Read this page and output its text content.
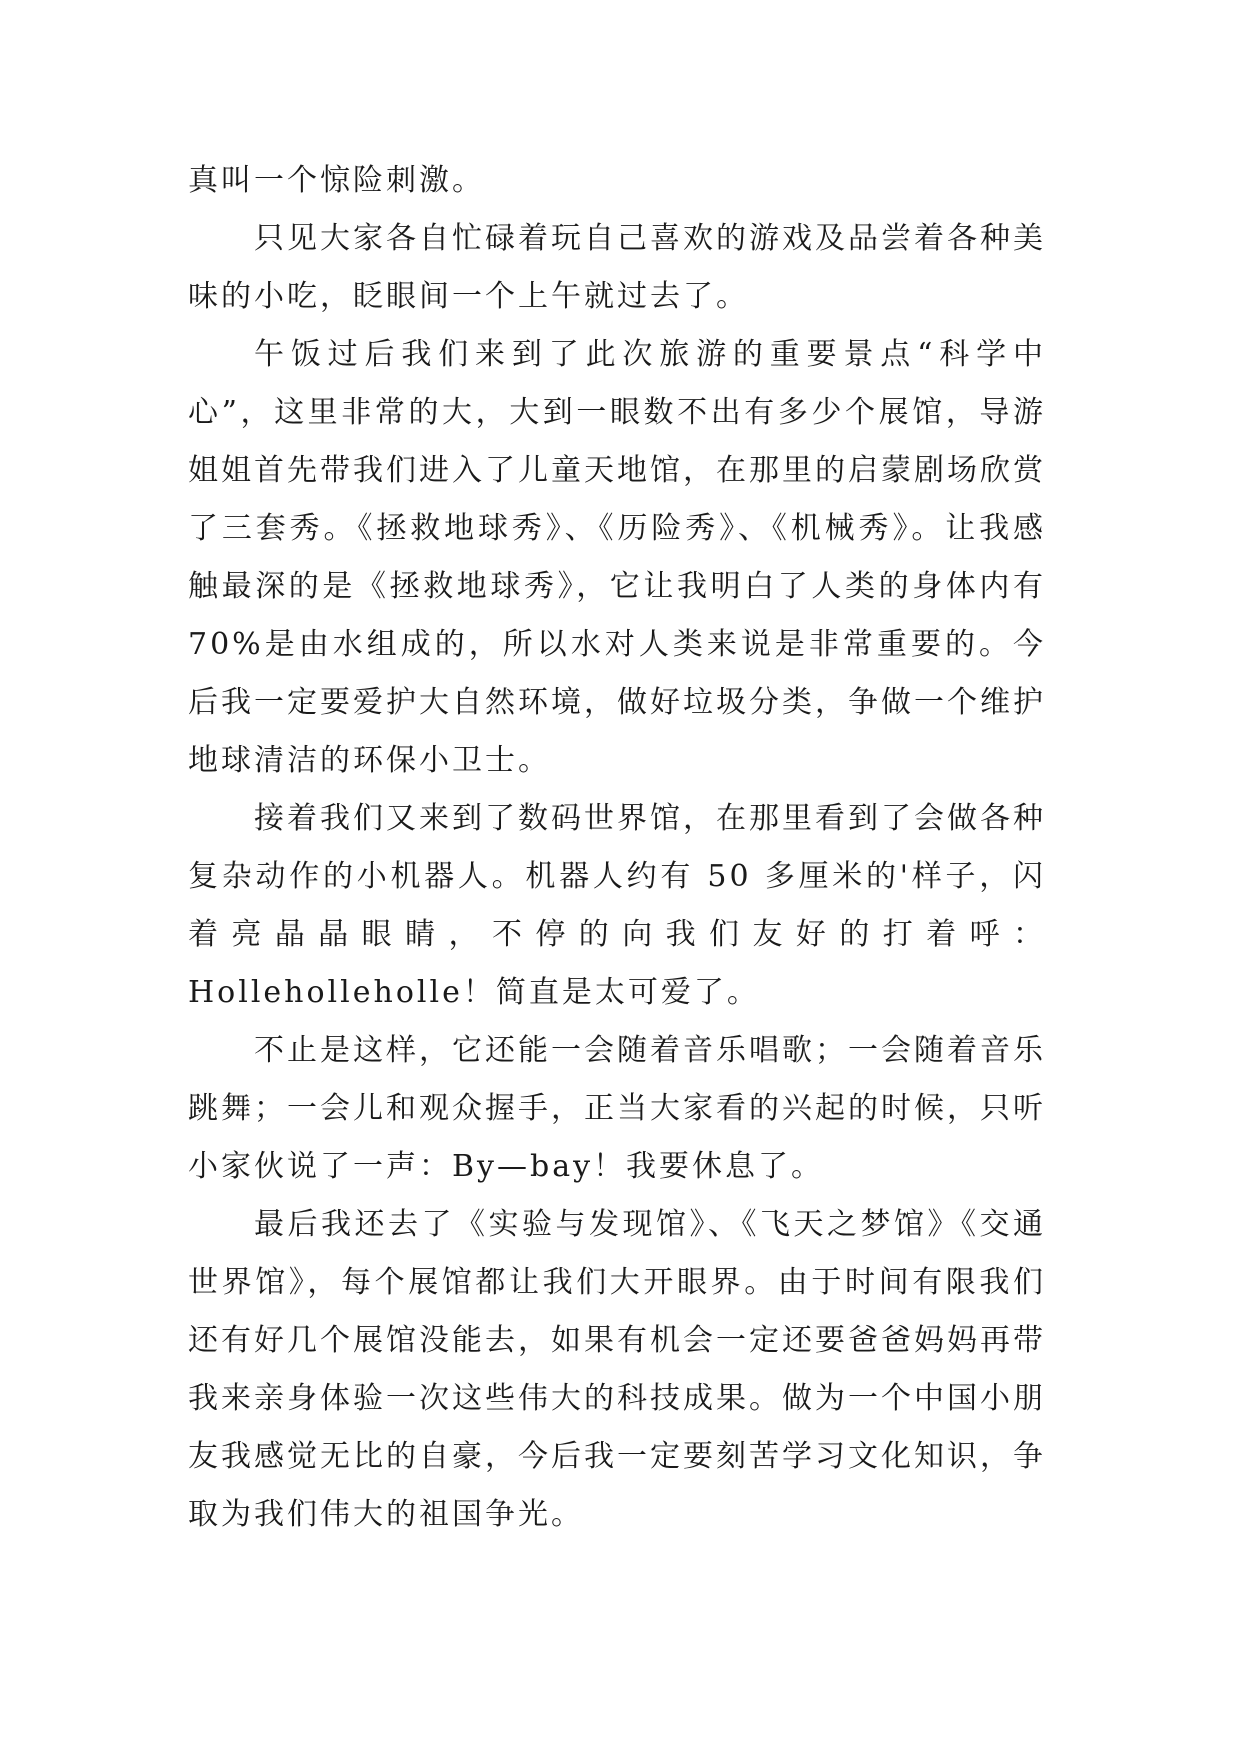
真叫一个惊险刺激。

只见大家各自忙碌着玩自己喜欢的游戏及品尝着各种美味的小吃，眨眼间一个上午就过去了。

午饭过后我们来到了此次旅游的重要景点“科学中心”，这里非常的大，大到一眼数不出有多少个展馆，导游姐姐首先带我们进入了儿童天地馆，在那里的启蒙剧场欣赏了三套秀。《拯救地球秀》、《历险秀》、《机械秀》。让我感触最深的是《拯救地球秀》，它让我明白了人类的身体内有 70%是由水组成的，所以水对人类来说是非常重要的。今后我一定要爱护大自然环境，做好垃圾分类，争做一个维护地球清洁的环保小卫士。

接着我们又来到了数码世界馆，在那里看到了会做各种复杂动作的小机器人。机器人约有 50 多厘米的'样子，闪着亮晶晶眼睛，不停的向我们友好的打着呼：Holleholleholle！简直是太可爱了。

不止是这样，它还能一会随着音乐唱歌；一会随着音乐跳舞；一会儿和观众握手，正当大家看的兴起的时候，只听小家伙说了一声：By—bay！我要休息了。

最后我还去了《实验与发现馆》、《飞天之梦馆》《交通世界馆》，每个展馆都让我们大开眼界。由于时间有限我们还有好几个展馆没能去，如果有机会一定还要爸爸妈妈再带我来亲身体验一次这些伟大的科技成果。做为一个中国小朋友我感觉无比的自豪，今后我一定要刻苦学习文化知识，争取为我们伟大的祖国争光。
